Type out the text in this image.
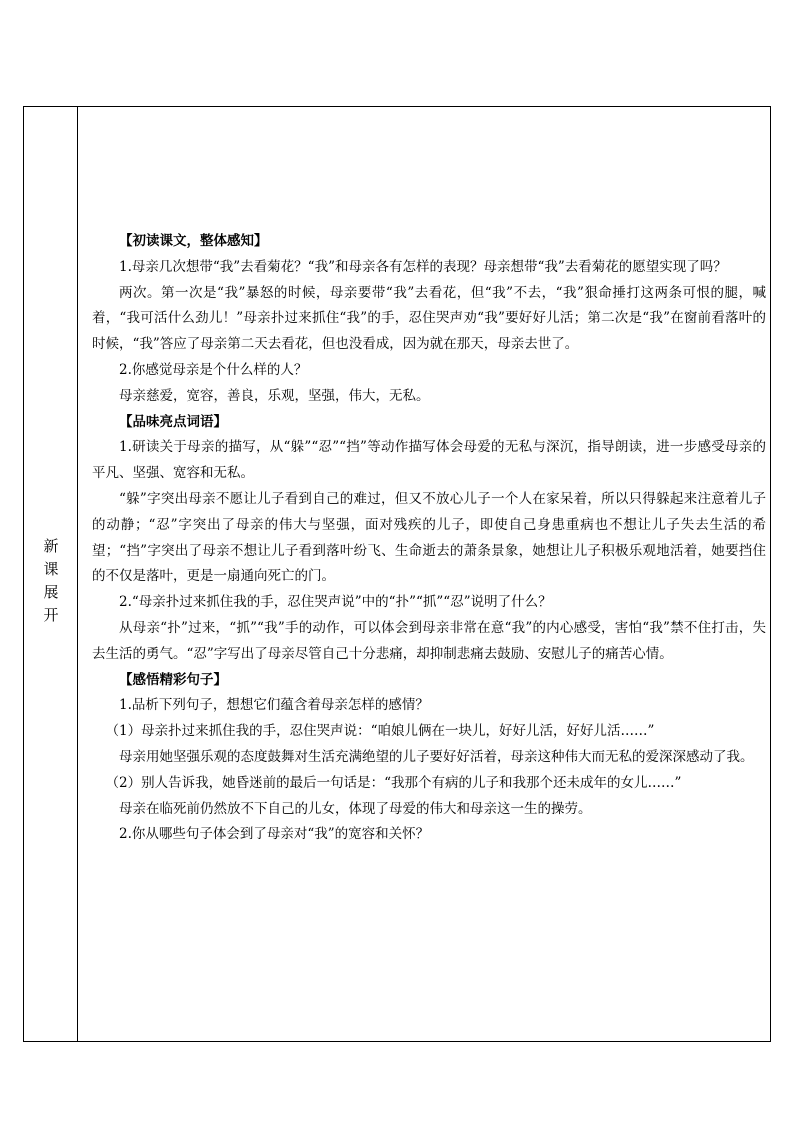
新
课
展
开

【初读课文，整体感知】

1.母亲几次想带“我”去看菊花？“我”和母亲各有怎样的表现？母亲想带“我”去看菊花的愿望实现了吗？

两次。第一次是“我”暴怒的时候，母亲要带“我”去看花，但“我”不去，“我”狠命捶打这两条可恨的腿，喊着，“我可活什么劲儿！”母亲扑过来抓住“我”的手，忍住哭声劝“我”要好好儿活；第二次是“我”在窗前看落叶的时候，“我”答应了母亲第二天去看花，但也没看成，因为就在那天，母亲去世了。

2.你感觉母亲是个什么样的人？

母亲慈爱，宽容，善良，乐观，坚强，伟大，无私。

【品味亮点词语】

1.研读关于母亲的描写，从“躲”“忍”“挡”等动作描写体会母爱的无私与深沉，指导朗读，进一步感受母亲的平凡、坚强、宽容和无私。

“躲”字突出母亲不愿让儿子看到自己的难过，但又不放心儿子一个人在家呆着，所以只得躲起来注意着儿子的动静；“忍”字突出了母亲的伟大与坚强，面对残疾的儿子，即使自己身患重病也不想让儿子失去生活的希望；“挡”字突出了母亲不想让儿子看到落叶纷飞、生命逝去的萧条景象，她想让儿子积极乐观地活着，她要挡住的不仅是落叶，更是一扇通向死亡的门。

2.“母亲扑过来抓住我的手，忍住哭声说”中的“扑”“抓”“忍”说明了什么？

从母亲“扑”过来，“抓”“我”手的动作，可以体会到母亲非常在意“我”的内心感受，害怕“我”禁不住打击，失去生活的勇气。“忍”字写出了母亲尽管自己十分悲痛，却抑制悲痛去鼓励、安慰儿子的痛苦心情。

【感悟精彩句子】

1.品析下列句子，想想它们蕴含着母亲怎样的感情？

（1）母亲扑过来抓住我的手，忍住哭声说：“咱娘儿俩在一块儿，好好儿活，好好儿活……”

母亲用她坚强乐观的态度鼓舞对生活充满绝望的儿子要好好活着，母亲这种伟大而无私的爱深深感动了我。

（2）别人告诉我，她昏迷前的最后一句话是：“我那个有病的儿子和我那个还未成年的女儿……”

母亲在临死前仍然放不下自己的儿女，体现了母爱的伟大和母亲这一生的操劳。

2.你从哪些句子体会到了母亲对“我”的宽容和关怀？
